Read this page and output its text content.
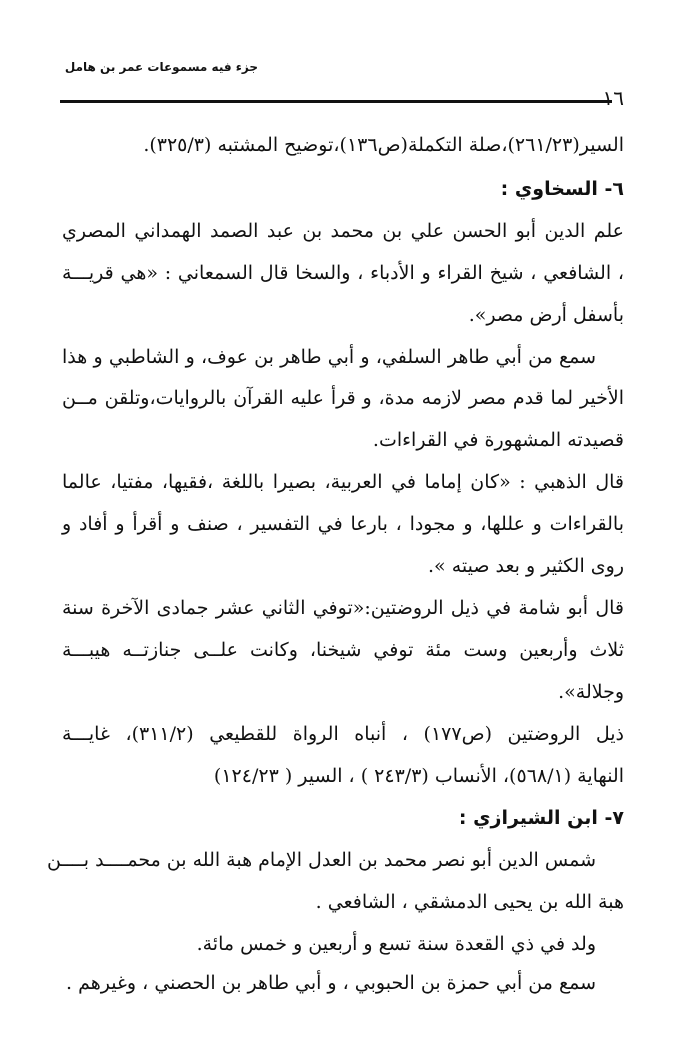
جزء فيه مسموعات عمر بن هامل
١٦
السير(٢٦١/٢٣)،صلة التكملة(ص١٣٦)،توضيح المشتبه (٣٢٥/٣).
٦- السخاوي :
علم الدين أبو الحسن علي بن محمد بن عبد الصمد الهمداني المصري
، الشافعي ، شيخ القراء و الأدباء ، والسخا قال السمعاني : «هي قريـــة
بأسفل أرض مصر».
سمع من أبي طاهر السلفي، و أبي طاهر بن عوف، و الشاطبي و هذا
الأخير لما قدم مصر لازمه مدة، و قرأ عليه القرآن بالروايات،وتلقن مــن
قصيدته المشهورة في القراءات.
قال الذهبي : «كان إماما في العربية، بصيرا باللغة ،فقيها، مفتيا، عالما
بالقراءات و عللها، و مجودا ، بارعا في التفسير ، صنف و أقرأ و أفاد و
روى الكثير و بعد صيته ».
قال أبو شامة في ذيل الروضتين:«توفي الثاني عشر جمادى الآخرة سنة
ثلاث وأربعين وست مئة توفي شيخنا، وكانت علــى جنازتــه هيبـــة
وجلالة».
ذيل الروضتين (ص١٧٧) ، أنباه الرواة للقطيعي (٣١١/٢)، غايـــة
النهاية (٥٦٨/١)، الأنساب (٢٤٣/٣ ) ، السير ( ١٢٤/٢٣)
٧- ابن الشيرازي :
شمس الدين أبو نصر محمد بن العدل الإمام هبة الله بن محمــــد بــــن
هبة الله بن يحيى الدمشقي ، الشافعي .
ولد في ذي القعدة سنة تسع و أربعين و خمس مائة.
سمع من أبي حمزة بن الحبوبي ، و أبي طاهر بن الحصني ، وغيرهم .
